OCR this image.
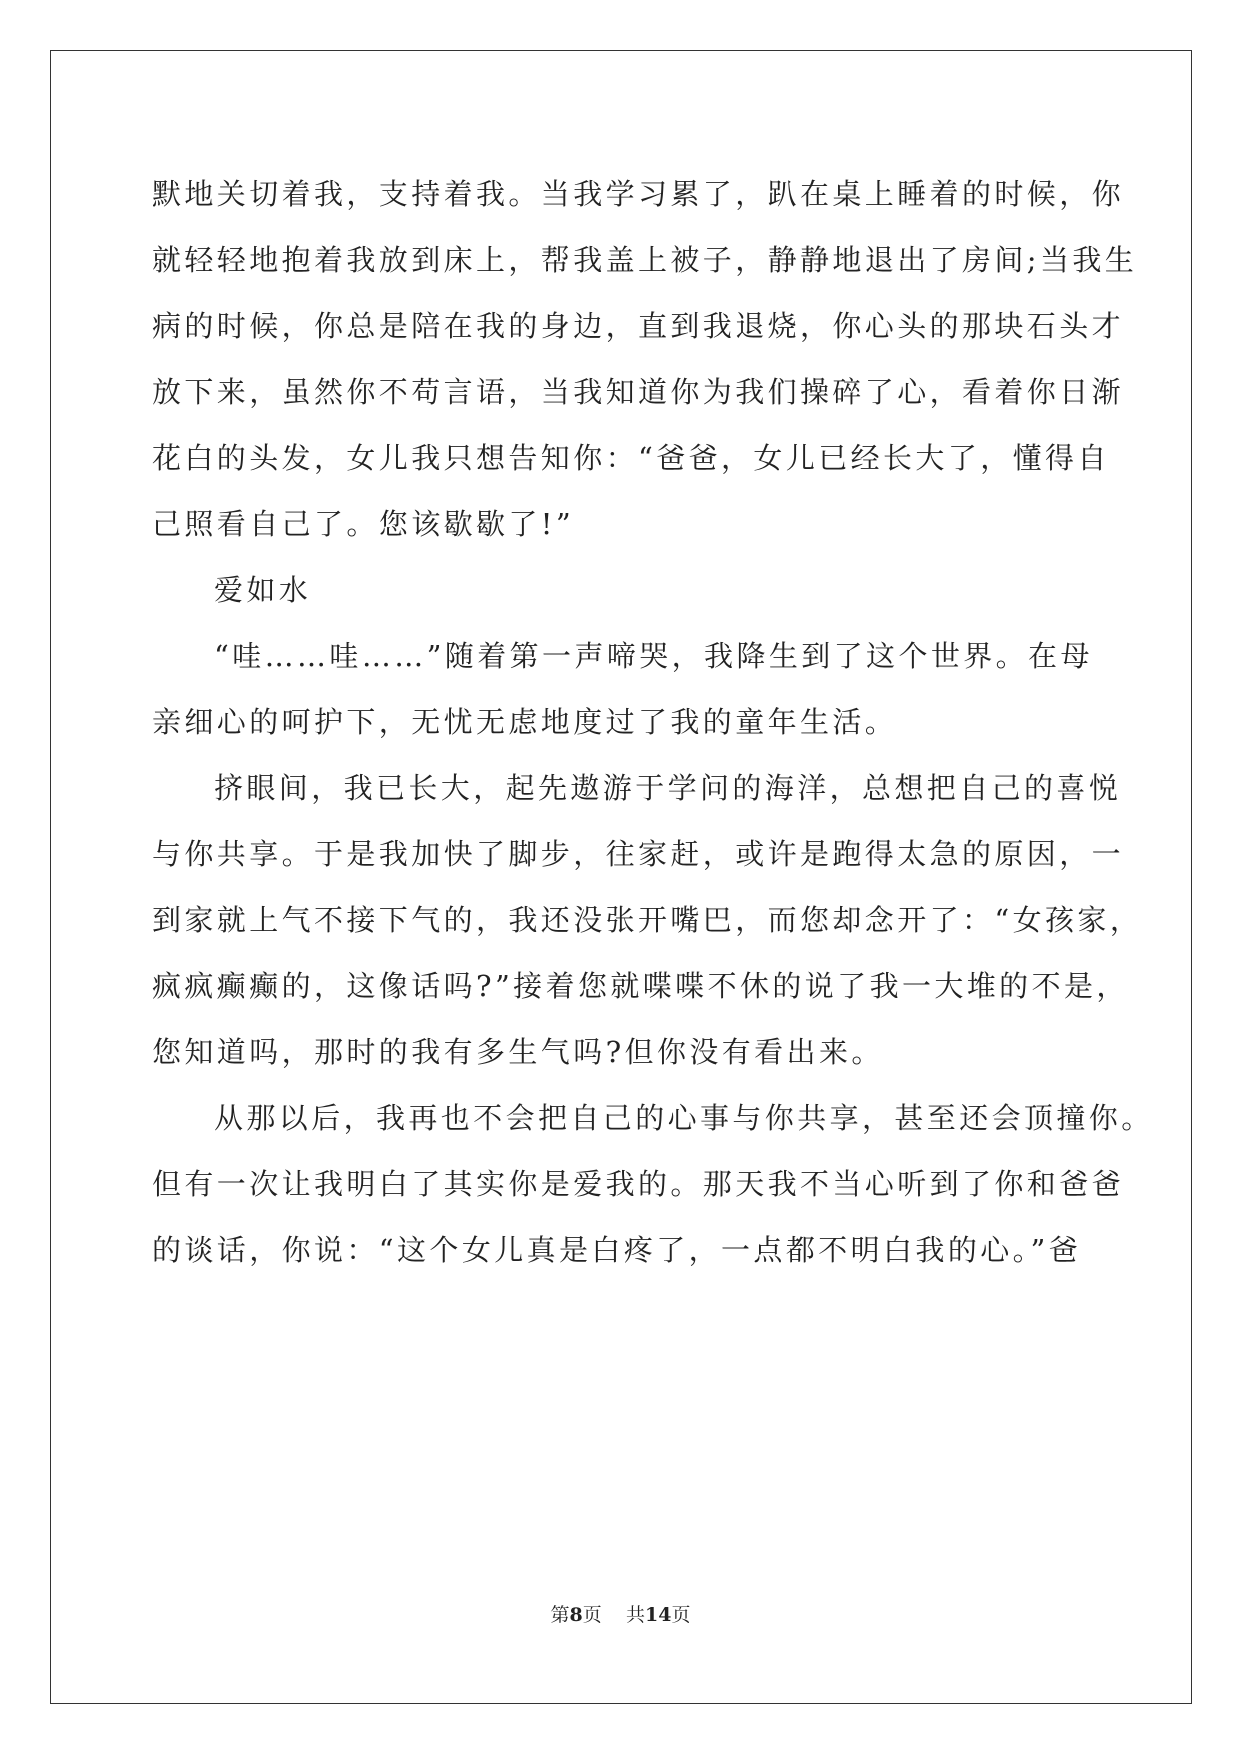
默地关切着我，支持着我。当我学习累了，趴在桌上睡着的时候，你
就轻轻地抱着我放到床上，帮我盖上被子，静静地退出了房间;当我生
病的时候，你总是陪在我的身边，直到我退烧，你心头的那块石头才
放下来，虽然你不苟言语，当我知道你为我们操碎了心，看着你日渐
花白的头发，女儿我只想告知你：“爸爸，女儿已经长大了，懂得自
己照看自己了。您该歇歇了!”
爱如水
“哇……哇……”随着第一声啼哭，我降生到了这个世界。在母
亲细心的呵护下，无忧无虑地度过了我的童年生活。
挤眼间，我已长大，起先遨游于学问的海洋，总想把自己的喜悦
与你共享。于是我加快了脚步，往家赶，或许是跑得太急的原因，一
到家就上气不接下气的，我还没张开嘴巴，而您却念开了：“女孩家，
疯疯癫癫的，这像话吗?”接着您就喋喋不休的说了我一大堆的不是，
您知道吗，那时的我有多生气吗?但你没有看出来。
从那以后，我再也不会把自己的心事与你共享，甚至还会顶撞你。
但有一次让我明白了其实你是爱我的。那天我不当心听到了你和爸爸
的谈话，你说：“这个女儿真是白疼了，一点都不明白我的心。”爸
第8页 共14页
